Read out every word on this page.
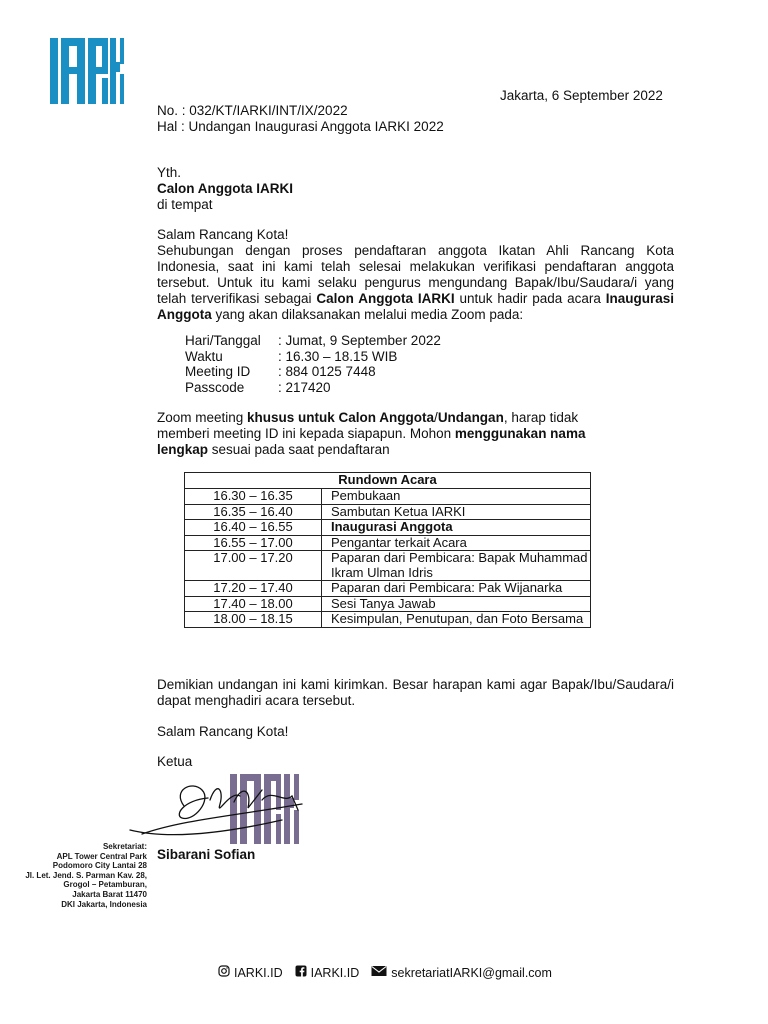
Jakarta, 6 September 2022
No. : 032/KT/IARKI/INT/IX/2022
Hal : Undangan Inaugurasi Anggota IARKI 2022
Yth.
Calon Anggota IARKI
di tempat
Salam Rancang Kota!
Sehubungan dengan proses pendaftaran anggota Ikatan Ahli Rancang Kota Indonesia, saat ini kami telah selesai melakukan verifikasi pendaftaran anggota tersebut. Untuk itu kami selaku pengurus mengundang Bapak/Ibu/Saudara/i yang telah terverifikasi sebagai Calon Anggota IARKI untuk hadir pada acara Inaugurasi Anggota yang akan dilaksanakan melalui media Zoom pada:
Hari/Tanggal	: Jumat, 9 September 2022
Waktu	: 16.30 – 18.15 WIB
Meeting ID	: 884 0125 7448
Passcode	: 217420
Zoom meeting khusus untuk Calon Anggota/Undangan, harap tidak memberi meeting ID ini kepada siapapun. Mohon menggunakan nama lengkap sesuai pada saat pendaftaran
Rundown Acara	
16.30 – 16.35	Pembukaan
16.35 – 16.40	Sambutan Ketua IARKI
16.40 – 16.55	Inaugurasi Anggota
16.55 – 17.00	Pengantar terkait Acara
17.00 – 17.20	Paparan dari Pembicara: Bapak Muhammad Ikram Ulman Idris
17.20 – 17.40	Paparan dari Pembicara: Pak Wijanarka
17.40 – 18.00	Sesi Tanya Jawab
18.00 – 18.15	Kesimpulan, Penutupan, dan Foto Bersama
Demikian undangan ini kami kirimkan. Besar harapan kami agar Bapak/Ibu/Saudara/i dapat menghadiri acara tersebut.
Salam Rancang Kota!
Ketua
Sibarani Sofian
Sekretariat:
APL Tower Central Park
Podomoro City Lantai 28
Jl. Let. Jend. S. Parman Kav. 28,
Grogol – Petamburan,
Jakarta Barat 11470
DKI Jakarta, Indonesia
IARKI.ID IARKI.ID	sekretariatIARKI@gmail.com
